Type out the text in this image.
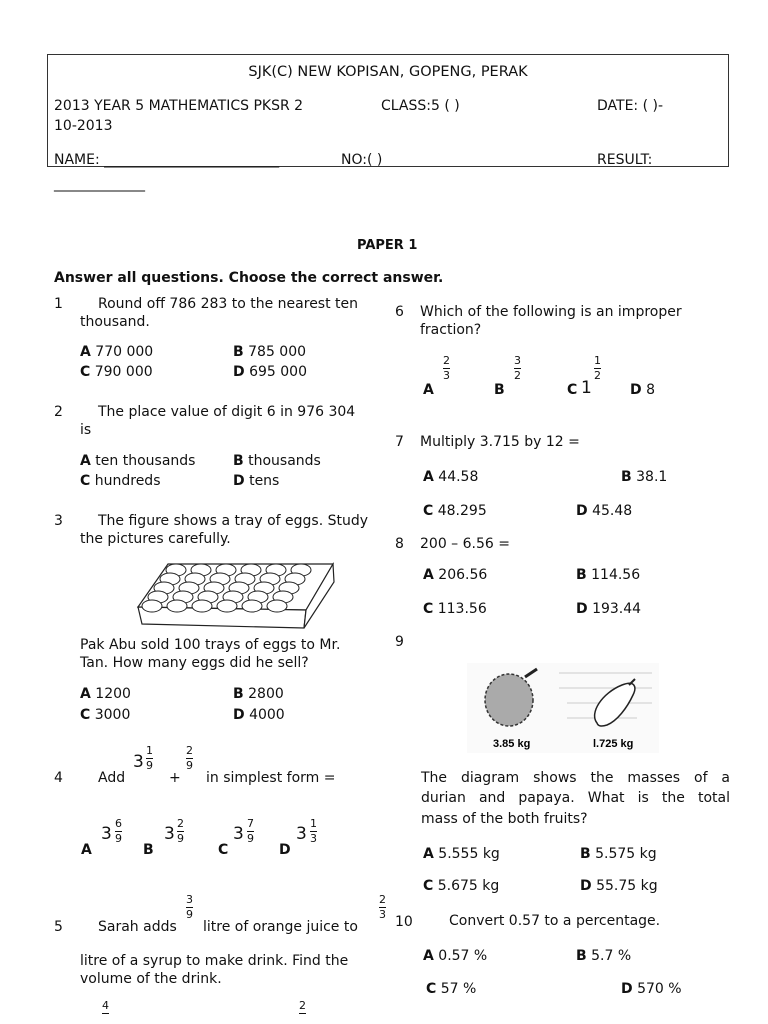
SJK(C) NEW KOPISAN, GOPENG, PERAK
2013 YEAR 5 MATHEMATICS PKSR 2	CLASS:5 ( )	DATE: ( )-
10-2013
NAME: _________________________	NO:( )	RESULT:
_____________
PAPER 1
Answer all questions. Choose the correct answer.
1	Round off 786 283 to the nearest ten
thousand.
A 770 000	B 785 000
C 790 000	D 695 000
2	The place value of digit 6 in 976 304
is
A ten thousands	B thousands
C hundreds	D tens
3	The figure shows a tray of eggs. Study
the pictures carefully.
Pak Abu sold 100 trays of eggs to Mr.
Tan. How many eggs did he sell?
A 1200	B 2800
C 3000	D 4000
4	Add
3
1
9
+
2
9
in simplest form =
A
3
6
9
B
3
2
9
C
3
7
9
D
3
1
3
5	Sarah adds
3
9
litre of orange juice to
2
3
litre of a syrup to make drink. Find the
volume of the drink.
4	2
6 Which of the following is an improper
fraction?
A
2
3
B
3
2
C 1
1
2
D 8
7 Multiply 3.715 by 12 =
A 44.58	B 38.1
C 48.295	D 45.48
8 200 – 6.56 =
A 206.56	B 114.56
C 113.56	D 193.44
9
3.85 kg	l.725 kg
The diagram shows the masses of a
durian and papaya. What is the total
mass of the both fruits?
A 5.555 kg	B 5.575 kg
C 5.675 kg	D 55.75 kg
10	Convert 0.57 to a percentage.
A 0.57 %	B 5.7 %
C 57 %	D 570 %
